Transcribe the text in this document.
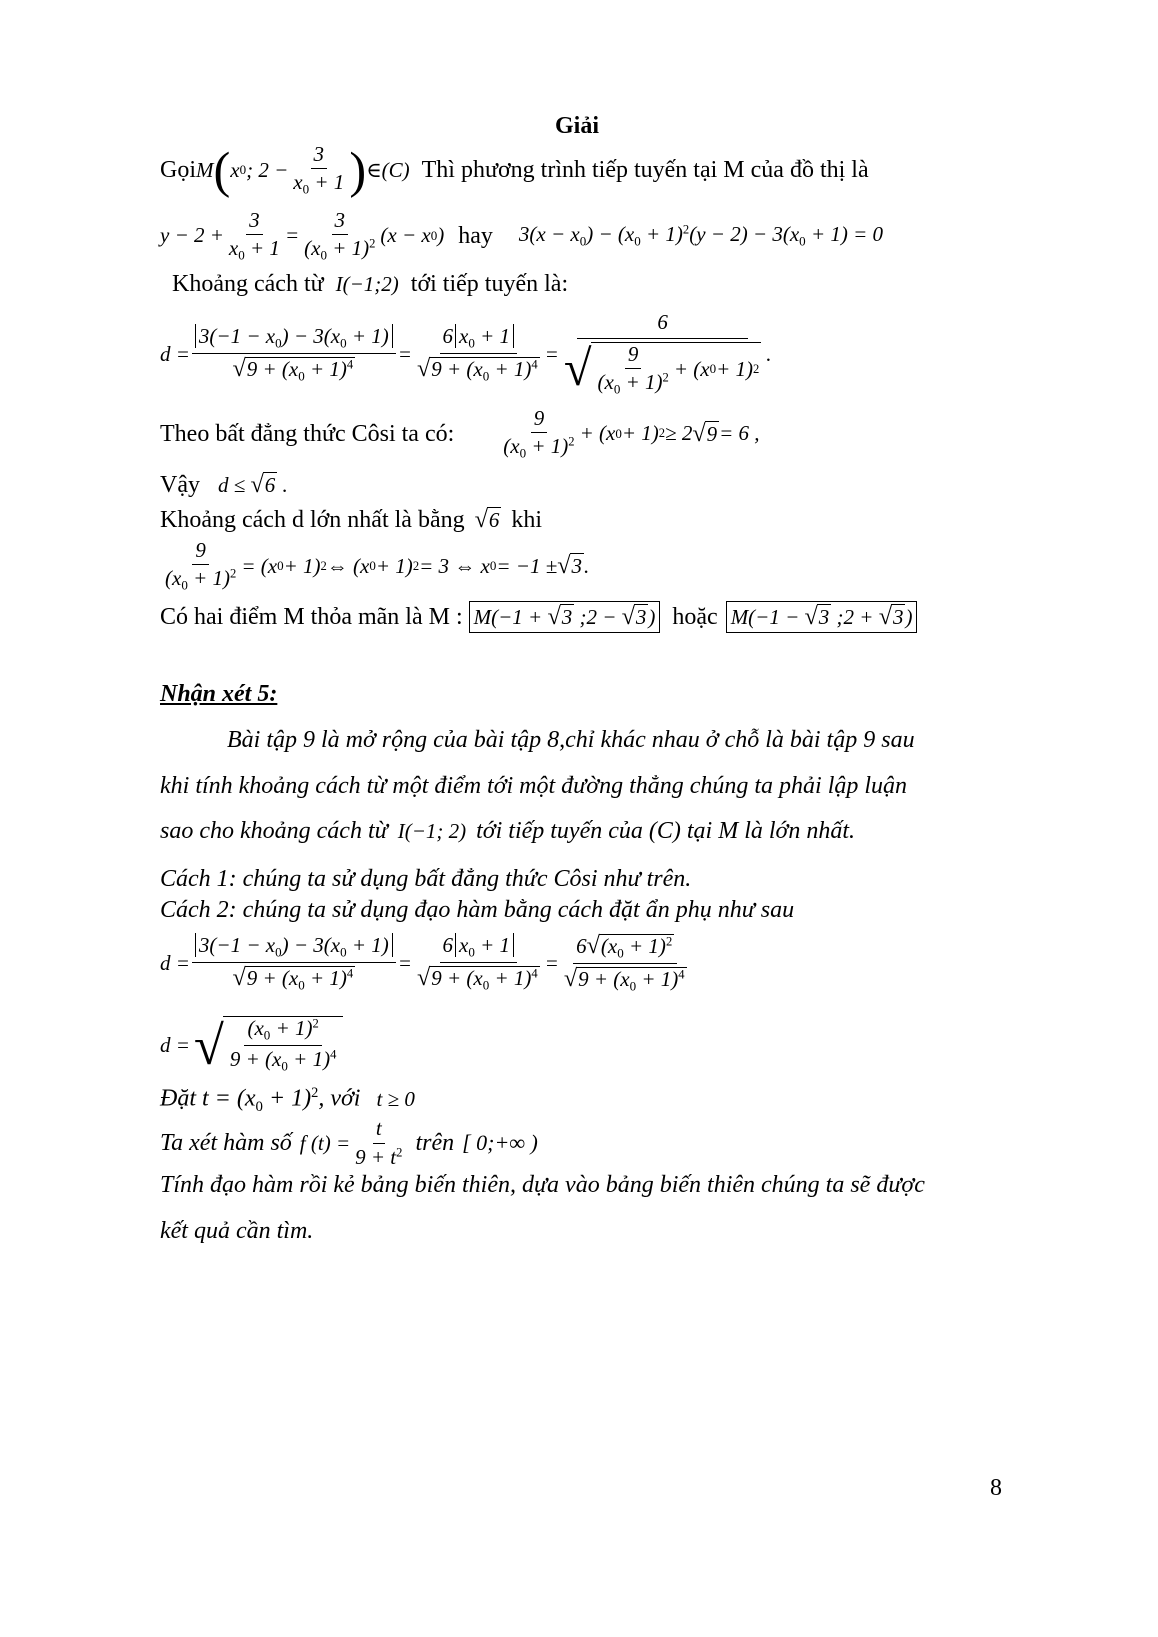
Giải
Gọi M ( x 0 ; $2 - \frac{3}{x_0 + 1}$ ) ∈ (C) Thì phương trình tiếp tuyến tại M của đồ thị là
$y - 2 + \frac{3}{x_0 + 1} = \frac{3}{(x_0 + 1)^2} (x - x$ 0 ) hay $3(x - x_0) - (x_0 + 1)^2(y - 2) - 3(x_0 + 1) = 0$
Khoảng cách từ I(−1;2) tới tiếp tuyến là:
$d = \frac{3(-1 - x_0) - 3(x_0 + 1)}{√9 + (x_0 + 1)^4} = \frac{6 x_0 + 1}{√9 + (x_0 + 1)^4} = \frac{6}{√ \frac{9}{(x_0 + 1)^2} + (x 0 + 1) 2}$ .
Theo bất đẳng thức Côsi ta có: $\frac{9}{(x_0 + 1)^2} + (x$ 0 + 1) 2 ≥ 2 √ 9 = 6 ,
Vậy d ≤ √6 .
Khoảng cách d lớn nhất là bằng √6 khi
$\frac{9}{(x_0 + 1)^2} = (x$ 0 + 1) 2 ⇔ (x 0 + 1) 2 = 3 ⇔ x 0 = −1 ± √ 3 .
Có hai điểm M thỏa mãn là M : M(−1 + √3 ;2 − √3) hoặc M(−1 − √3 ;2 + √3)
Nhận xét 5:
Bài tập 9 là mở rộng của bài tập 8,chỉ khác nhau ở chỗ là bài tập 9 sau
khi tính khoảng cách từ một điểm tới một đường thẳng chúng ta phải lập luận
sao cho khoảng cách từ I(−1; 2) tới tiếp tuyến của (C) tại M là lớn nhất.
Cách 1: chúng ta sử dụng bất đẳng thức Côsi như trên.
Cách 2: chúng ta sử dụng đạo hàm bằng cách đặt ẩn phụ như sau
$d = \frac{3(-1 - x_0) - 3(x_0 + 1)}{√9 + (x_0 + 1)^4} = \frac{6 x_0 + 1}{√9 + (x_0 + 1)^4} = \frac{6√(x_0 + 1)^2}{√9 + (x_0 + 1)^4}$
d = √ $\frac{(x_0 + 1)^2}{9 + (x_0 + 1)^4}$
Đặt $t = (x_0 + 1)^2$, với t ≥ 0
Ta xét hàm số f $(t) = \frac{t}{9 + t^2}$ trên [ 0;+∞ )
Tính đạo hàm rồi kẻ bảng biến thiên, dựa vào bảng biến thiên chúng ta sẽ được
kết quả cần tìm.
8
